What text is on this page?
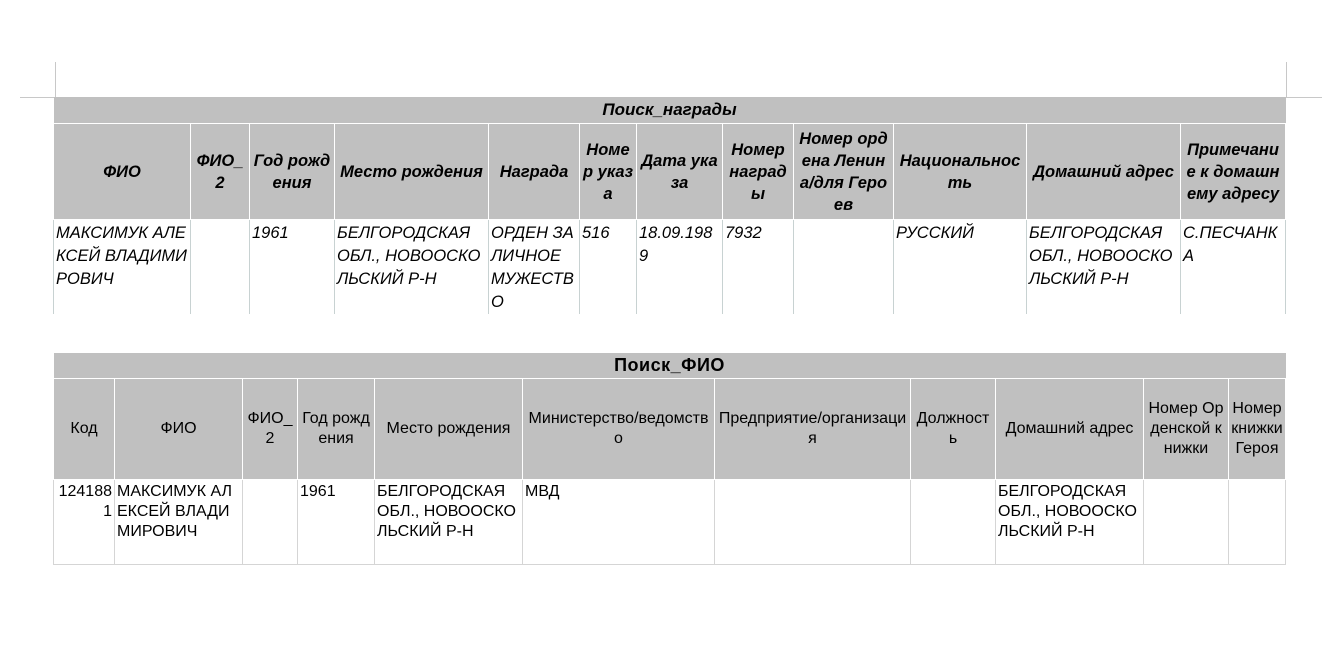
Поиск_награды											
ФИО	ФИО_2	Год рождения	Место рождения	Награда	Номер указа	Дата указа	Номер награды	Номер ордена Ленина/для Героев	Национальность	Домашний адрес	Примечание к домашнему адресу
МАКСИМУК АЛЕКСЕЙ ВЛАДИМИРОВИЧ		1961	БЕЛГОРОДСКАЯ ОБЛ., НОВООСКОЛЬСКИЙ Р-Н	ОРДЕН ЗА ЛИЧНОЕ МУЖЕСТВО	516	18.09.1989	7932		РУССКИЙ	БЕЛГОРОДСКАЯ ОБЛ., НОВООСКОЛЬСКИЙ Р-Н	С.ПЕСЧАНКА
Поиск_ФИО										
Код	ФИО	ФИО_2	Год рождения	Место рождения	Министерство/ведомство	Предприятие/организация	Должность	Домашний адрес	Номер Орденской книжки	Номер книжки Героя
1241881	МАКСИМУК АЛЕКСЕЙ ВЛАДИМИРОВИЧ		1961	БЕЛГОРОДСКАЯ ОБЛ., НОВООСКОЛЬСКИЙ Р-Н	МВД			БЕЛГОРОДСКАЯ ОБЛ., НОВООСКОЛЬСКИЙ Р-Н		
